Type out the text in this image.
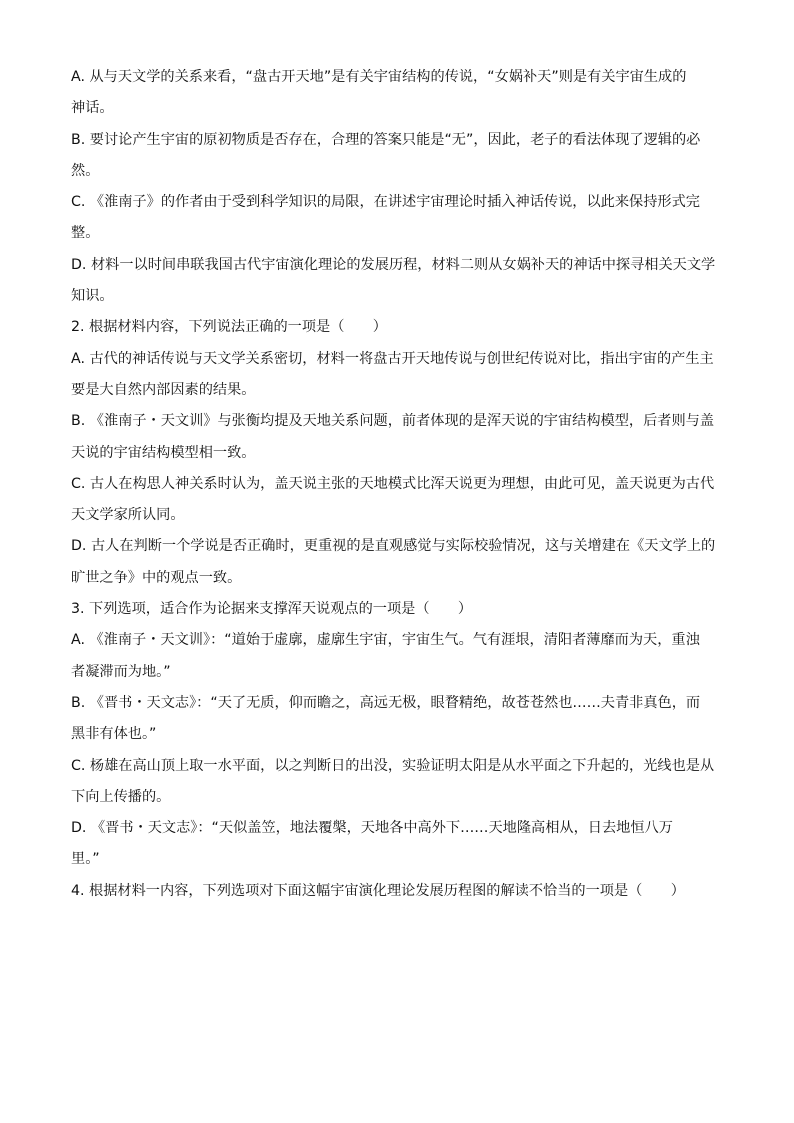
A. 从与天文学的关系来看，“盘古开天地”是有关宇宙结构的传说，“女娲补天”则是有关宇宙生成的
神话。
B. 要讨论产生宇宙的原初物质是否存在，合理的答案只能是“无”，因此，老子的看法体现了逻辑的必
然。
C. 《淮南子》的作者由于受到科学知识的局限，在讲述宇宙理论时插入神话传说，以此来保持形式完
整。
D. 材料一以时间串联我国古代宇宙演化理论的发展历程，材料二则从女娲补天的神话中探寻相关天文学
知识。
2. 根据材料内容，下列说法正确的一项是（　　）
A. 古代的神话传说与天文学关系密切，材料一将盘古开天地传说与创世纪传说对比，指出宇宙的产生主
要是大自然内部因素的结果。
B. 《淮南子・天文训》与张衡均提及天地关系问题，前者体现的是浑天说的宇宙结构模型，后者则与盖
天说的宇宙结构模型相一致。
C. 古人在构思人神关系时认为，盖天说主张的天地模式比浑天说更为理想，由此可见，盖天说更为古代
天文学家所认同。
D. 古人在判断一个学说是否正确时，更重视的是直观感觉与实际校验情况，这与关增建在《天文学上的
旷世之争》中的观点一致。
3. 下列选项，适合作为论据来支撑浑天说观点的一项是（　　）
A. 《淮南子・天文训》：“道始于虚廓，虚廓生宇宙，宇宙生气。气有涯垠，清阳者薄靡而为天，重浊
者凝滞而为地。”
B. 《晋书・天文志》：“天了无质，仰而瞻之，高远无极，眼瞀精绝，故苍苍然也……夫青非真色，而
黑非有体也。”
C. 杨雄在高山顶上取一水平面，以之判断日的出没，实验证明太阳是从水平面之下升起的，光线也是从
下向上传播的。
D. 《晋书・天文志》：“天似盖笠，地法覆槃，天地各中高外下……天地隆高相从，日去地恒八万
里。”
4. 根据材料一内容，下列选项对下面这幅宇宙演化理论发展历程图的解读不恰当的一项是（　　）
